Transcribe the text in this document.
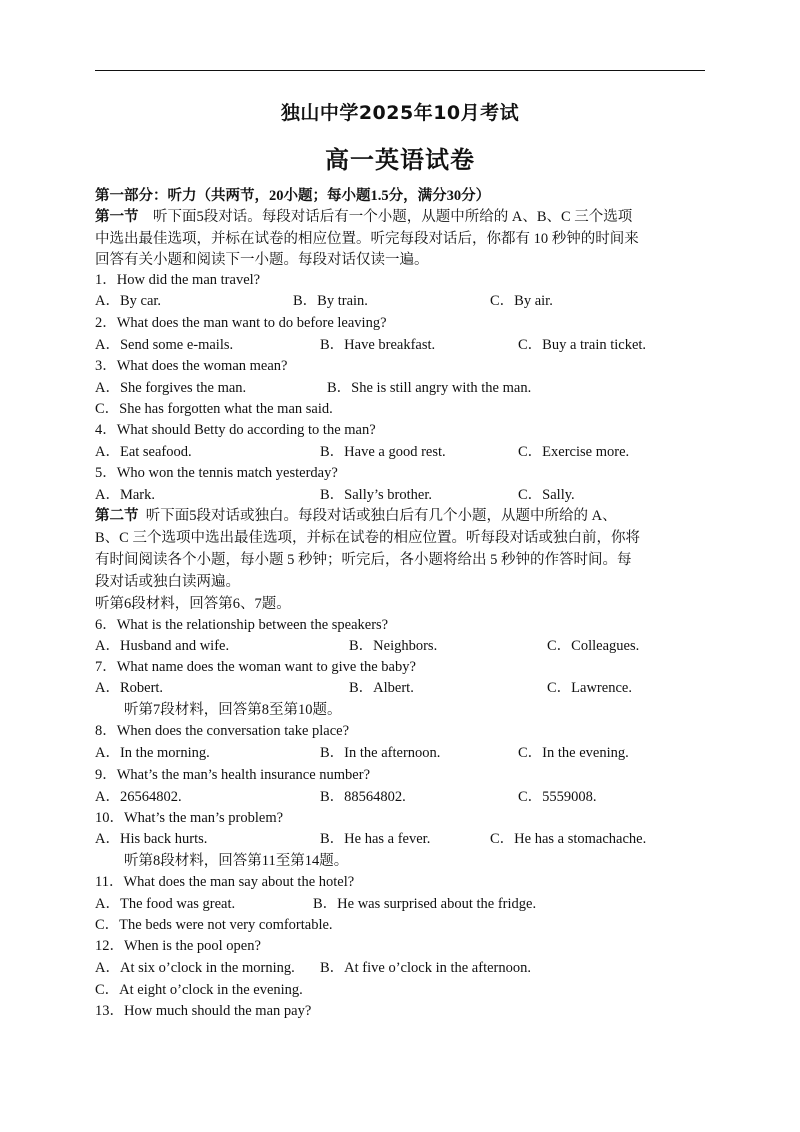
独山中学2025年10月考试
高一英语试卷
第一部分：听力（共两节，20小题；每小题1.5分，满分30分）
第一节 听下面5段对话。每段对话后有一个小题，从题中所给的 A、B、C 三个选项
中选出最佳选项，并标在试卷的相应位置。听完每段对话后，你都有 10 秒钟的时间来
回答有关小题和阅读下一小题。每段对话仅读一遍。
1．How did the man travel?
A．By car.	B．By train.	C．By air.
2．What does the man want to do before leaving?
A．Send some e-mails.	B．Have breakfast.	C．Buy a train ticket.
3．What does the woman mean?
A．She forgives the man.	B．She is still angry with the man.
C．She has forgotten what the man said.
4．What should Betty do according to the man?
A．Eat seafood.	B．Have a good rest.	C．Exercise more.
5．Who won the tennis match yesterday?
A．Mark.	B．Sally’s brother.	C．Sally.
第二节 听下面5段对话或独白。每段对话或独白后有几个小题，从题中所给的 A、
B、C 三个选项中选出最佳选项，并标在试卷的相应位置。听每段对话或独白前，你将
有时间阅读各个小题，每小题 5 秒钟；听完后，各小题将给出 5 秒钟的作答时间。每
段对话或独白读两遍。
听第6段材料，回答第6、7题。
6．What is the relationship between the speakers?
A．Husband and wife.	B．Neighbors.	C．Colleagues.
7．What name does the woman want to give the baby?
A．Robert.	B．Albert.	C．Lawrence.
听第7段材料，回答第8至第10题。
8．When does the conversation take place?
A．In the morning.	B．In the afternoon.	C．In the evening.
9．What’s the man’s health insurance number?
A．26564802.	B．88564802.	C．5559008.
10．What’s the man’s problem?
A．His back hurts.	B．He has a fever.	C．He has a stomachache.
听第8段材料，回答第11至第14题。
11．What does the man say about the hotel?
A．The food was great.	B．He was surprised about the fridge.
C．The beds were not very comfortable.
12．When is the pool open?
A．At six o’clock in the morning. B．At five o’clock in the afternoon.
C．At eight o’clock in the evening.
13．How much should the man pay?
